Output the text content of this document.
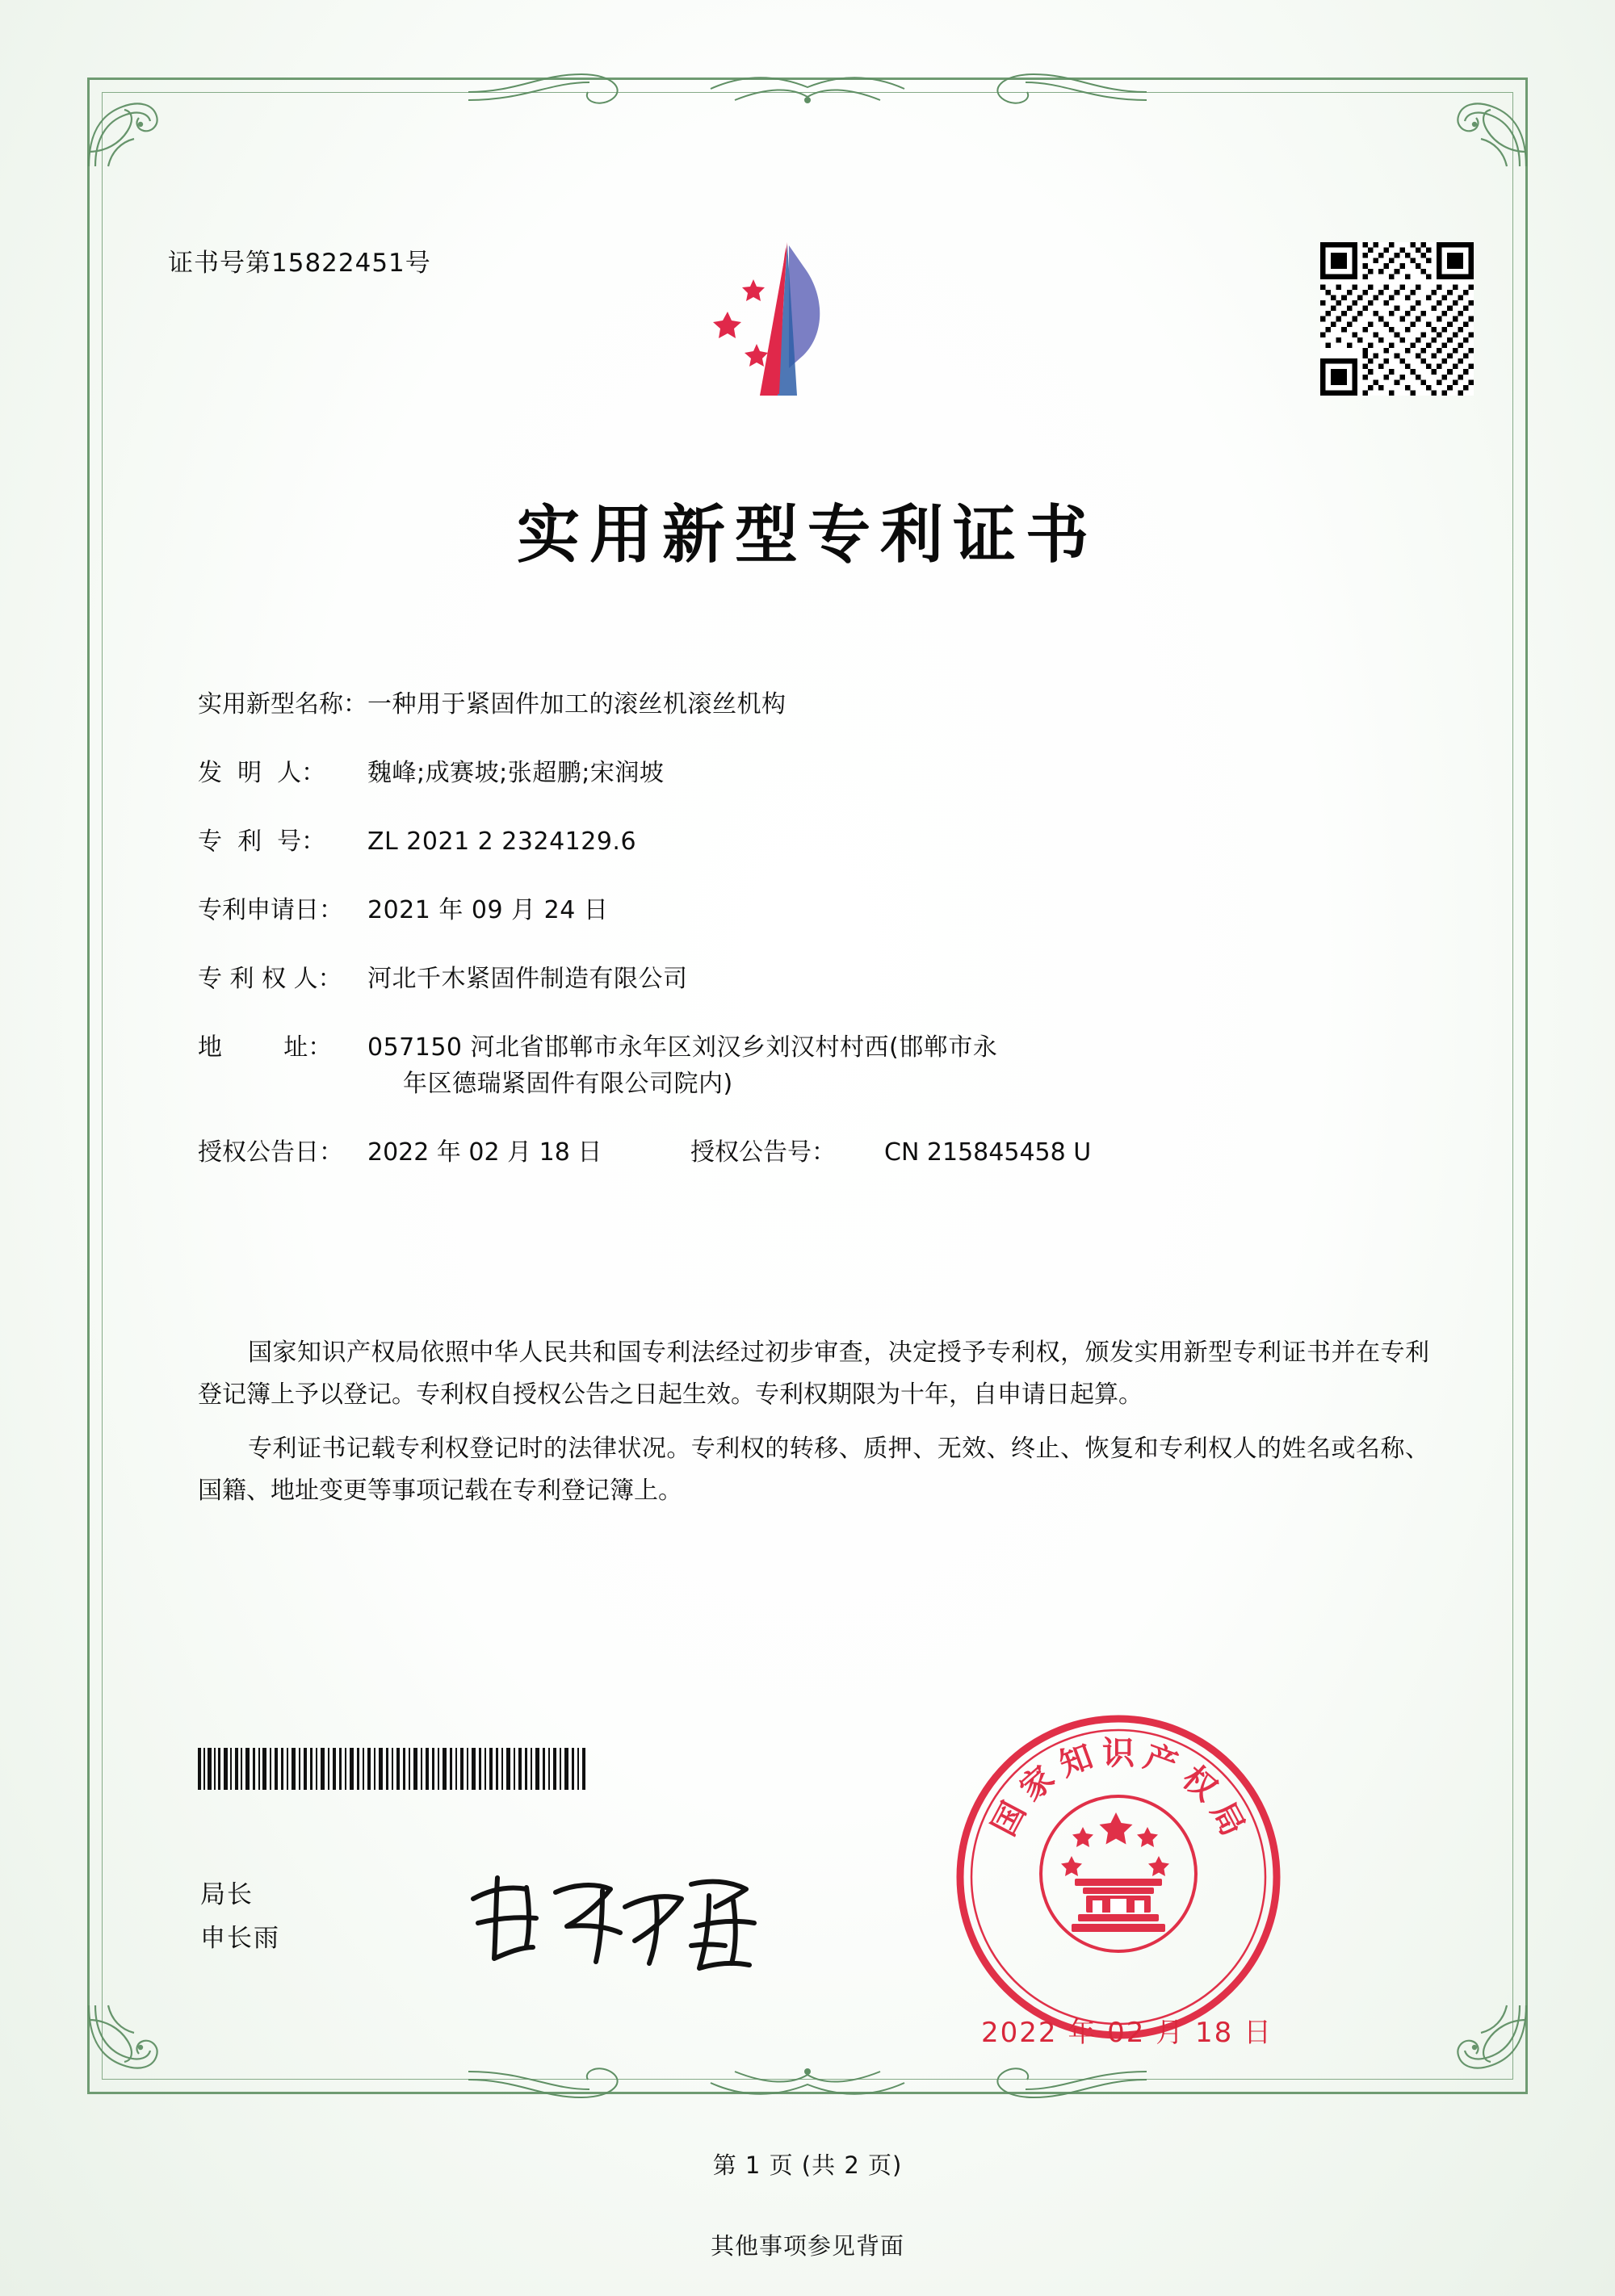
证书号第15822451号
实用新型专利证书
实用新型名称： 一种用于紧固件加工的滚丝机滚丝机构
发  明  人：	魏峰;成赛坡;张超鹏;宋润坡
专  利  号：	ZL 2021 2 2324129.6
专利申请日：	2021 年 09 月 24 日
专 利 权 人：	河北千木紧固件制造有限公司
地        址：	057150 河北省邯郸市永年区刘汉乡刘汉村村西(邯郸市永
年区德瑞紧固件有限公司院内)
授权公告日：	2022 年 02 月 18 日	授权公告号：	CN 215845458 U

国家知识产权局依照中华人民共和国专利法经过初步审查，决定授予专利权，颁发实用新型专利证书并在专利登记簿上予以登记。专利权自授权公告之日起生效。专利权期限为十年，自申请日起算。

专利证书记载专利权登记时的法律状况。专利权的转移、质押、无效、终止、恢复和专利权人的姓名或名称、国籍、地址变更等事项记载在专利登记簿上。

局长
申长雨
国
家
知 识 产
权
局
2022 年 02 月 18 日
第 1 页 (共 2 页)
其他事项参见背面
